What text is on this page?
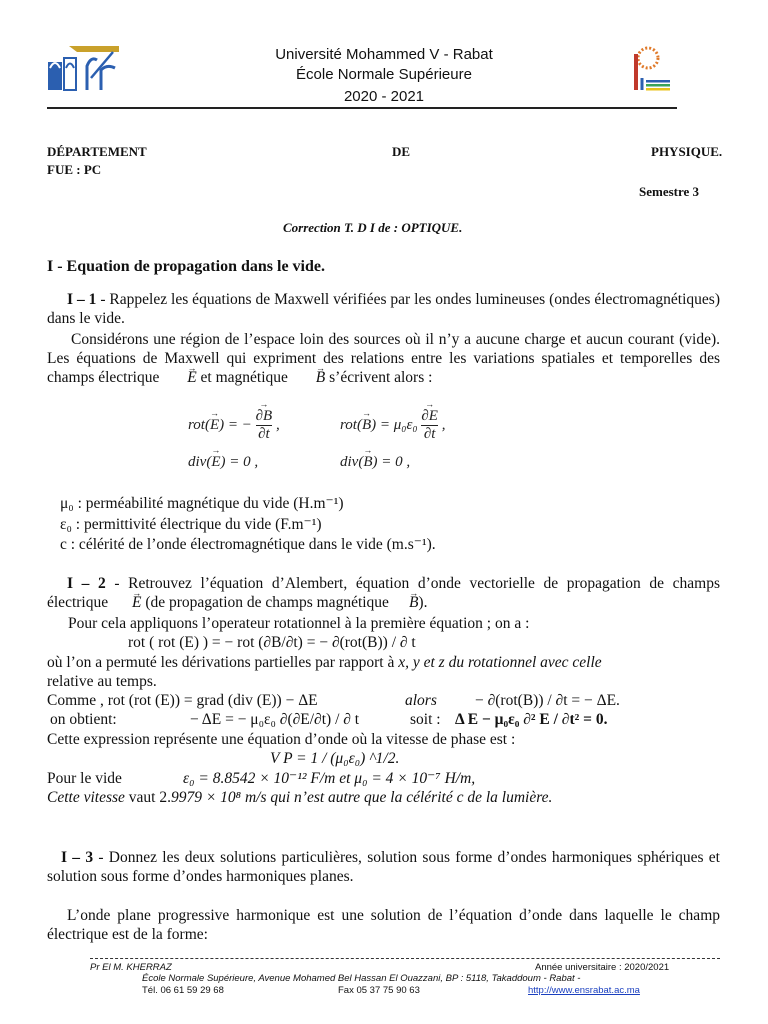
Université Mohammed V - Rabat
École Normale Supérieure
2020 - 2021
DÉPARTEMENT	DE	PHYSIQUE.
FUE : PC
Semestre 3
Correction T. D I de : OPTIQUE.
I - Equation de propagation dans le vide.
I – 1 - Rappelez les équations de Maxwell vérifiées par les ondes lumineuses (ondes électromagnétiques) dans le vide.
Considérons une région de l’espace loin des sources où il n’y a aucune charge et aucun courant (vide). Les équations de Maxwell qui expriment des relations entre les variations spatiales et temporelles des champs électrique → E et magnétique → B s’écrivent alors :
rot(→ E) = −
→ $\frac{\partial B}{\partial t}$ ,	rot(→ B) = μ₀ε₀
→ $\frac{\partial E}{\partial t}$ ,
div(→ E) = 0 ,	div(→ B) = 0 ,
μ₀ : perméabilité magnétique du vide (H.m⁻¹)
ε₀ : permittivité électrique du vide (F.m⁻¹)
c : célérité de l’onde électromagnétique dans le vide (m.s⁻¹).
I – 2 - Retrouvez l’équation d’Alembert, équation d’onde vectorielle de propagation de champs électrique → E (de propagation de champs magnétique→ B).
Pour cela appliquons l’operateur rotationnel à la première équation ; on a :
rot ( rot (E) ) = − rot (∂B/∂t) = − ∂(rot(B)) / ∂ t
où l’on a permuté les dérivations partielles par rapport à x, y et z du rotationnel avec celle
relative au temps.
Comme , rot (rot (E)) = grad (div (E)) − ΔE	alors − ∂(rot(B)) / ∂t = − ΔE.
on obtient:	− ΔE = − μ₀ε₀ ∂(∂E/∂t) / ∂ t	soit : Δ E − μ₀ε₀ ∂² E / ∂t² = 0.
Cette expression représente une équation d’onde où la vitesse de phase est :
V P = 1 / (μ₀ε₀) ^1/2.
Pour le vide	ε₀ = 8.8542 × 10⁻¹² F/m et μ₀ = 4 × 10⁻⁷ H/m,
Cette vitesse vaut 2.9979 × 10⁸ m/s qui n’est autre que la célérité c de la lumière.
I – 3 - Donnez les deux solutions particulières, solution sous forme d’ondes harmoniques sphériques et solution sous forme d’ondes harmoniques planes.
L’onde plane progressive harmonique est une solution de l’équation d’onde dans laquelle le champ électrique est de la forme:
Pr El M. KHERRAZ	Année universitaire : 2020/2021
École Normale Supérieure, Avenue Mohamed Bel Hassan El Ouazzani, BP : 5118, Takaddoum - Rabat -
Tél. 06 61 59 29 68	Fax 05 37 75 90 63	http://www.ensrabat.ac.ma
